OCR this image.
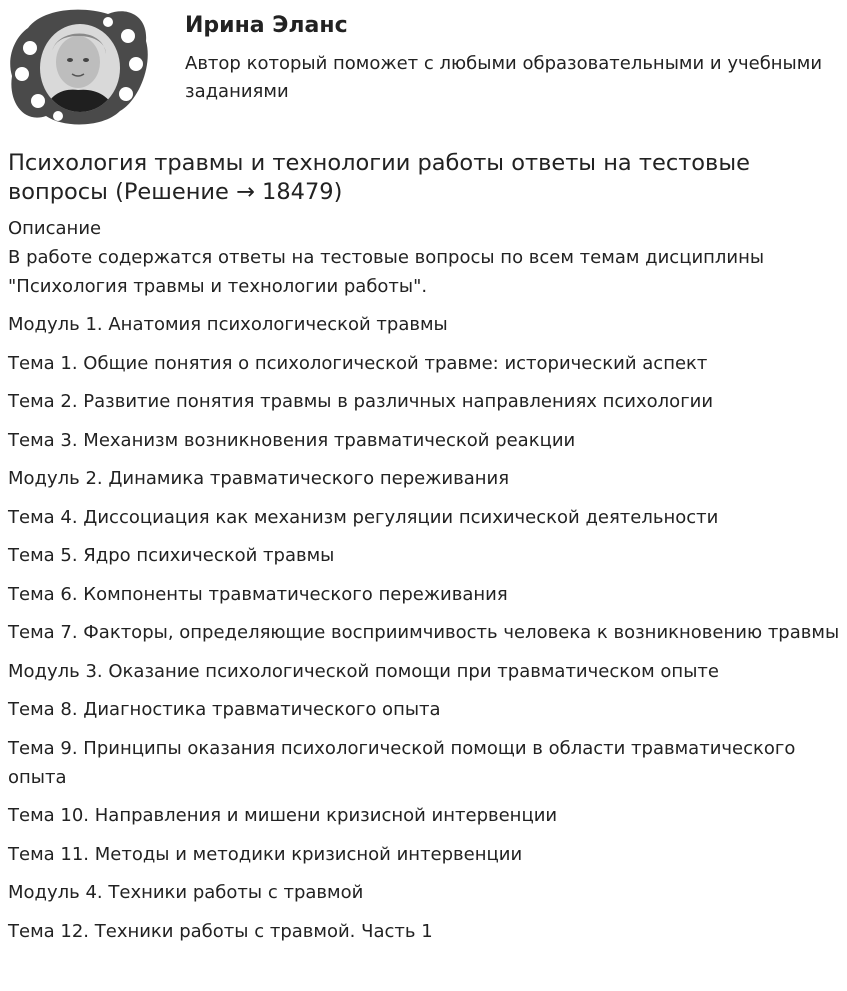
Ирина Эланс
Автор который поможет с любыми образовательными и учебными заданиями
Психология травмы и технологии работы ответы на тестовые вопросы (Решение → 18479)
Описание
В работе содержатся ответы на тестовые вопросы по всем темам дисциплины "Психология травмы и технологии работы".
Модуль 1. Анатомия психологической травмы
Тема 1. Общие понятия о психологической травме: исторический аспект
Тема 2. Развитие понятия травмы в различных направлениях психологии
Тема 3. Механизм возникновения травматической реакции
Модуль 2. Динамика травматического переживания
Тема 4. Диссоциация как механизм регуляции психической деятельности
Тема 5. Ядро психической травмы
Тема 6. Компоненты травматического переживания
Тема 7. Факторы, определяющие восприимчивость человека к возникновению травмы
Модуль 3. Оказание психологической помощи при травматическом опыте
Тема 8. Диагностика травматического опыта
Тема 9. Принципы оказания психологической помощи в области травматического опыта
Тема 10. Направления и мишени кризисной интервенции
Тема 11. Методы и методики кризисной интервенции
Модуль 4. Техники работы с травмой
Тема 12. Техники работы с травмой. Часть 1
